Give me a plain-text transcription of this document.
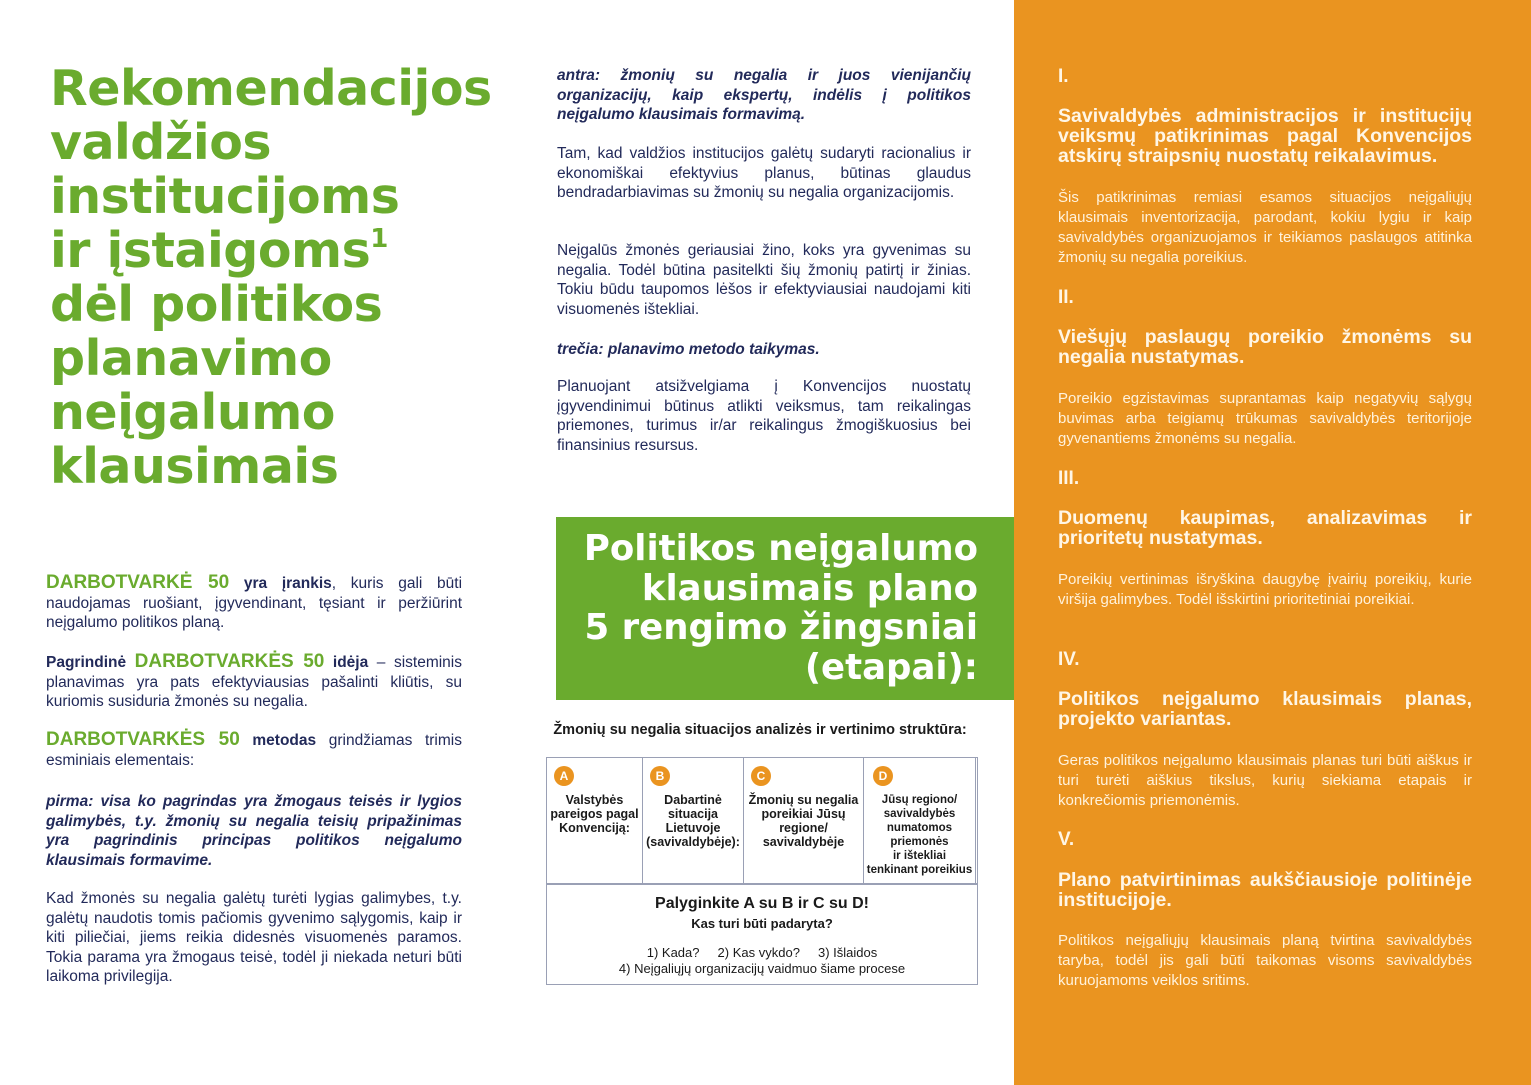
Rekomendacijos
valdžios
institucijoms
ir įstaigoms$^1$
dėl politikos
planavimo
neįgalumo
klausimais

DARBOTVARKĖ 50 yra įrankis, kuris gali būti naudojamas ruošiant, įgyvendinant, tęsiant ir peržiūrint neįgalumo politikos planą.

Pagrindinė DARBOTVARKĖS 50 idėja – sisteminis planavimas yra pats efektyviausias pašalinti kliūtis, su kuriomis susiduria žmonės su negalia.

DARBOTVARKĖS 50 metodas grindžiamas trimis esminiais elementais:

pirma: visa ko pagrindas yra žmogaus teisės ir lygios galimybės, t.y. žmonių su negalia teisių pripažinimas yra pagrindinis principas politikos neįgalumo klausimais formavime.

Kad žmonės su negalia galėtų turėti lygias galimybes, t.y. galėtų naudotis tomis pačiomis gyvenimo sąlygomis, kaip ir kiti piliečiai, jiems reikia didesnės visuomenės paramos. Tokia parama yra žmogaus teisė, todėl ji niekada neturi būti laikoma privilegija.

antra: žmonių su negalia ir juos vienijančių organizacijų, kaip ekspertų, indėlis į politikos neįgalumo klausimais formavimą.

Tam, kad valdžios institucijos galėtų sudaryti racionalius ir ekonomiškai efektyvius planus, būtinas glaudus bendradarbiavimas su žmonių su negalia organizacijomis.

Neįgalūs žmonės geriausiai žino, koks yra gyvenimas su negalia. Todėl būtina pasitelkti šių žmonių patirtį ir žinias. Tokiu būdu taupomos lėšos ir efektyviausiai naudojami kiti visuomenės ištekliai.

trečia: planavimo metodo taikymas.

Planuojant atsižvelgiama į Konvencijos nuostatų įgyvendinimui būtinus atlikti veiksmus, tam reikalingas priemones, turimus ir/ar reikalingus žmogiškuosius bei finansinius resursus.

Politikos neįgalumo
klausimais plano
5 rengimo žingsniai
(etapai):
Žmonių su negalia situacijos analizės ir vertinimo struktūra:
A
Valstybės
pareigos pagal
Konvenciją:
B
Dabartinė
situacija
Lietuvoje
(savivaldybėje):
C
Žmonių su negalia
poreikiai Jūsų
regione/
savivaldybėje
D
Jūsų regiono/
savivaldybės
numatomos
priemonės
ir ištekliai
tenkinant poreikius
Palyginkite A su B ir C su D!
Kas turi būti padaryta?
1) Kada?     2) Kas vykdo?     3) Išlaidos
4) Neįgaliųjų organizacijų vaidmuo šiame procese
I.
Savivaldybės administracijos ir institucijų veiksmų patikrinimas pagal Konvencijos atskirų straipsnių nuostatų reikalavimus.
Šis patikrinimas remiasi esamos situacijos neįgaliųjų klausimais inventorizacija, parodant, kokiu lygiu ir kaip savivaldybės organizuojamos ir teikiamos paslaugos atitinka žmonių su negalia poreikius.
II.
Viešųjų paslaugų poreikio žmonėms su negalia nustatymas.
Poreikio egzistavimas suprantamas kaip negatyvių sąlygų buvimas arba teigiamų trūkumas savivaldybės teritorijoje gyvenantiems žmonėms su negalia.
III.
Duomenų kaupimas, analizavimas ir prioritetų nustatymas.
Poreikių vertinimas išryškina daugybę įvairių poreikių, kurie viršija galimybes. Todėl išskirtini prioritetiniai poreikiai.
IV.
Politikos neįgalumo klausimais planas, projekto variantas.
Geras politikos neįgalumo klausimais planas turi būti aiškus ir turi turėti aiškius tikslus, kurių siekiama etapais ir konkrečiomis priemonėmis.
V.
Plano patvirtinimas aukščiausioje politinėje institucijoje.
Politikos neįgaliųjų klausimais planą tvirtina savivaldybės taryba, todėl jis gali būti taikomas visoms savivaldybės kuruojamoms veiklos sritims.
